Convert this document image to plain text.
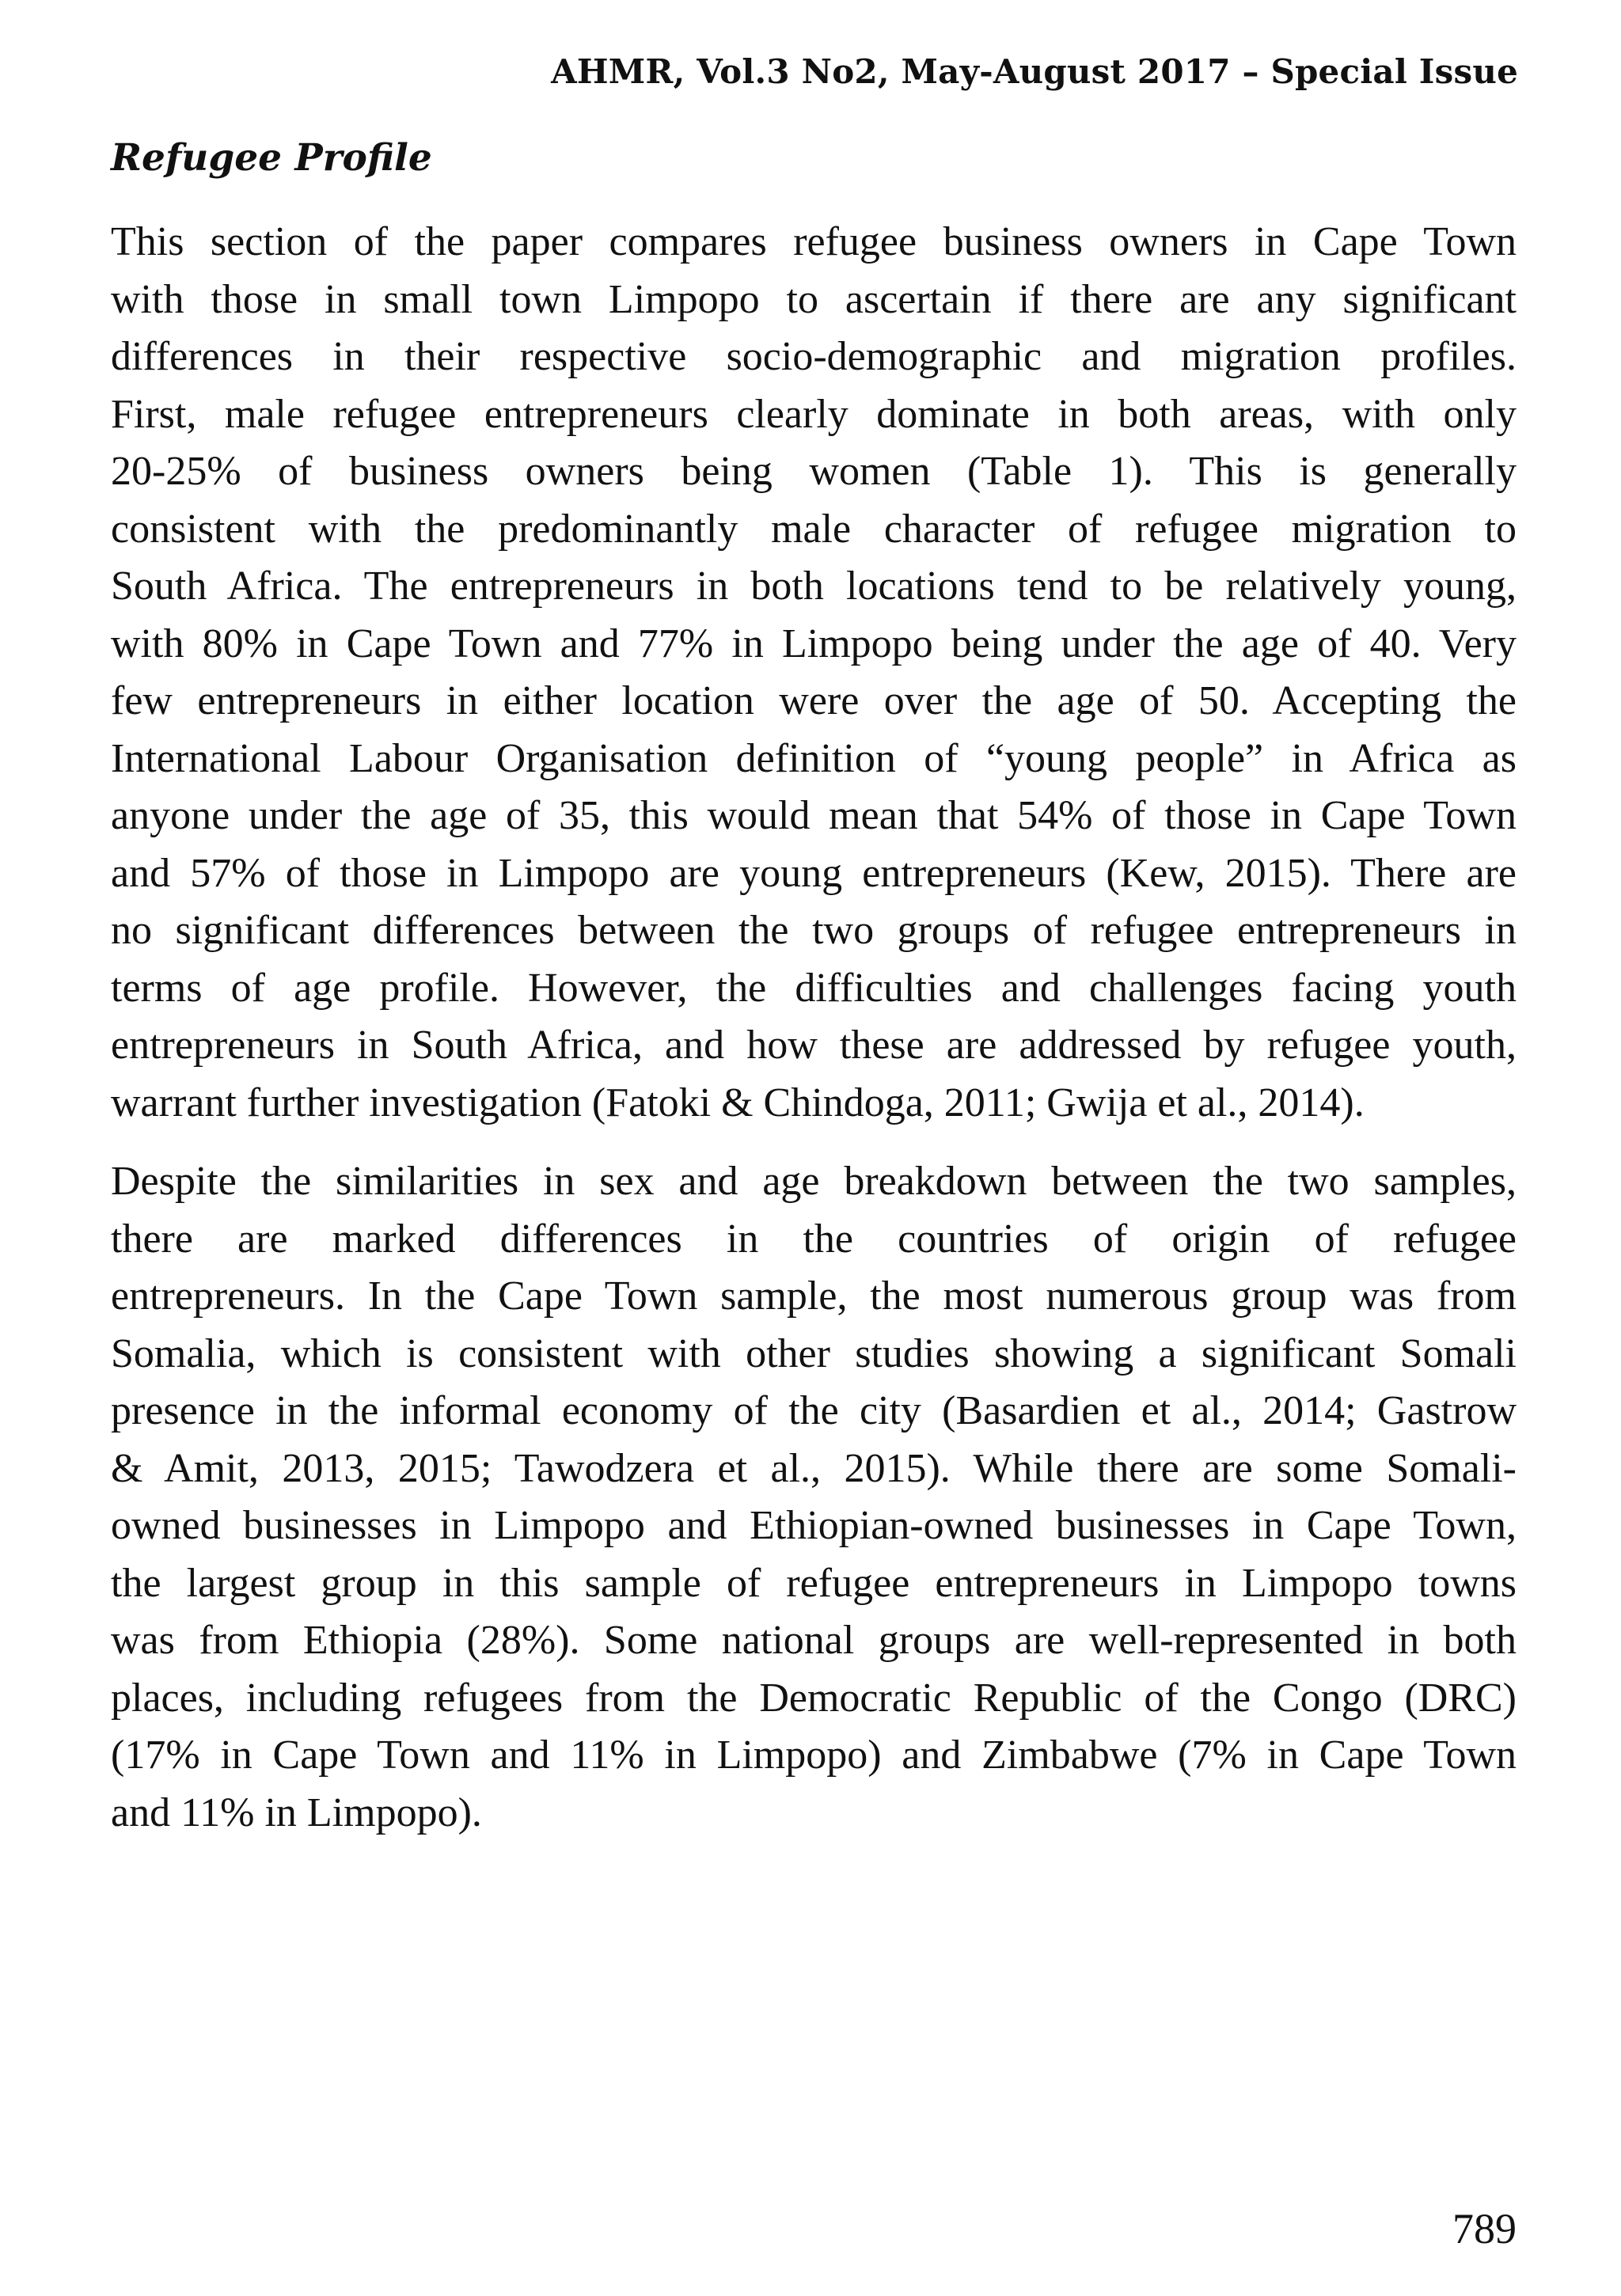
AHMR, Vol.3 No2, May-August 2017 – Special Issue
Refugee Profile

This section of the paper compares refugee business owners in Cape Town
with those in small town Limpopo to ascertain if there are any significant
differences in their respective socio-demographic and migration profiles.
First, male refugee entrepreneurs clearly dominate in both areas, with only
20-25% of business owners being women (Table 1). This is generally
consistent with the predominantly male character of refugee migration to
South Africa. The entrepreneurs in both locations tend to be relatively young,
with 80% in Cape Town and 77% in Limpopo being under the age of 40. Very
few entrepreneurs in either location were over the age of 50. Accepting the
International Labour Organisation definition of “young people” in Africa as
anyone under the age of 35, this would mean that 54% of those in Cape Town
and 57% of those in Limpopo are young entrepreneurs (Kew, 2015). There are
no significant differences between the two groups of refugee entrepreneurs in
terms of age profile. However, the difficulties and challenges facing youth
entrepreneurs in South Africa, and how these are addressed by refugee youth,
warrant further investigation (Fatoki & Chindoga, 2011; Gwija et al., 2014).

Despite the similarities in sex and age breakdown between the two samples,
there are marked differences in the countries of origin of refugee
entrepreneurs. In the Cape Town sample, the most numerous group was from
Somalia, which is consistent with other studies showing a significant Somali
presence in the informal economy of the city (Basardien et al., 2014; Gastrow
& Amit, 2013, 2015; Tawodzera et al., 2015). While there are some Somali-
owned businesses in Limpopo and Ethiopian-owned businesses in Cape Town,
the largest group in this sample of refugee entrepreneurs in Limpopo towns
was from Ethiopia (28%). Some national groups are well-represented in both
places, including refugees from the Democratic Republic of the Congo (DRC)
(17% in Cape Town and 11% in Limpopo) and Zimbabwe (7% in Cape Town
and 11% in Limpopo).

789
